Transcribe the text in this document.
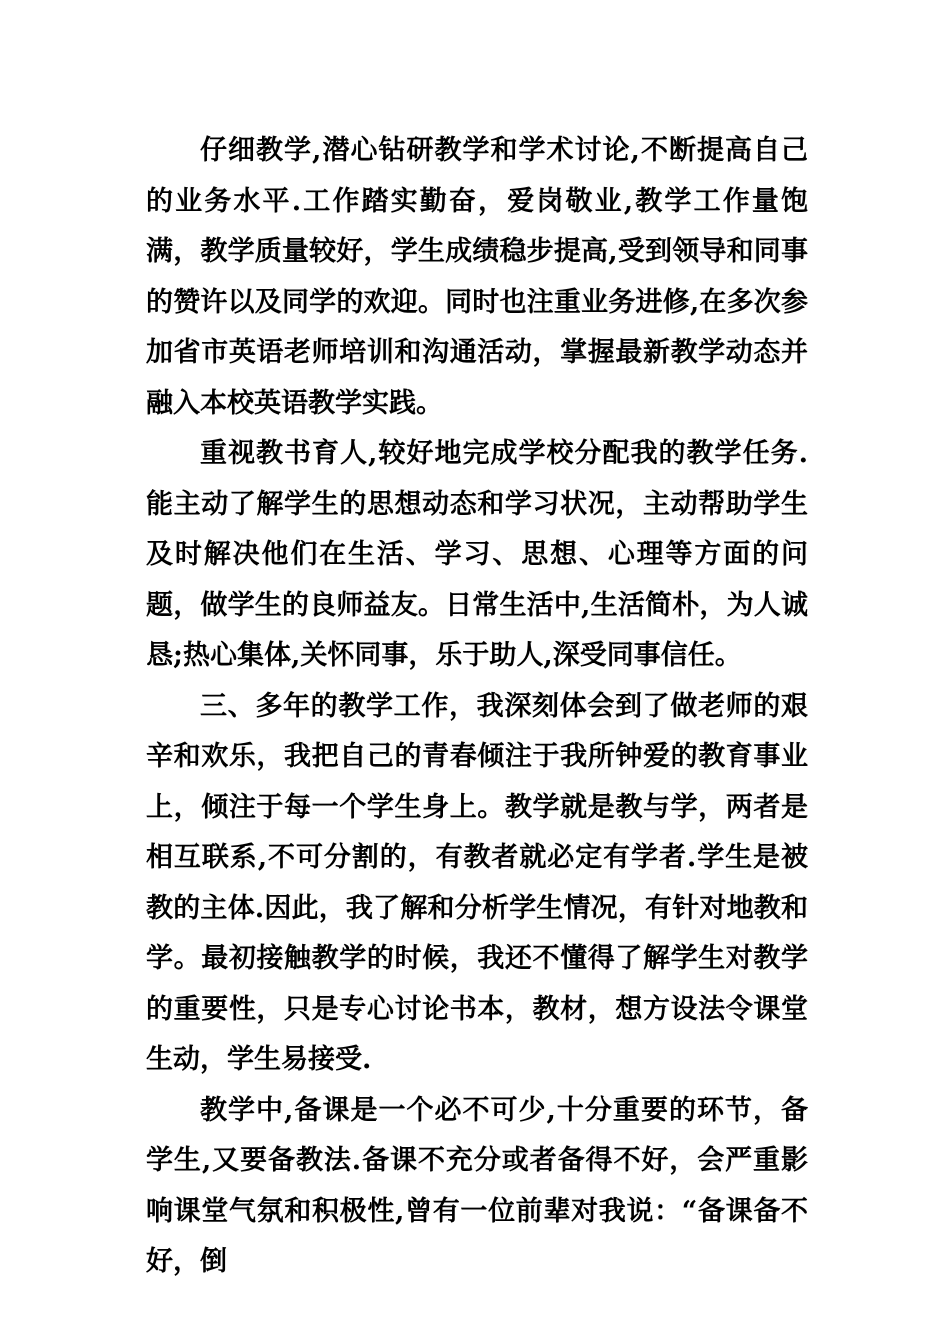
仔细教学,潜心钻研教学和学术讨论,不断提高自己的业务水平.工作踏实勤奋，爱岗敬业,教学工作量饱满，教学质量较好，学生成绩稳步提高,受到领导和同事的赞许以及同学的欢迎。同时也注重业务进修,在多次参加省市英语老师培训和沟通活动，掌握最新教学动态并融入本校英语教学实践。

重视教书育人,较好地完成学校分配我的教学任务.能主动了解学生的思想动态和学习状况，主动帮助学生及时解决他们在生活、学习、思想、心理等方面的问题，做学生的良师益友。日常生活中,生活简朴，为人诚恳;热心集体,关怀同事，乐于助人,深受同事信任。

三、多年的教学工作，我深刻体会到了做老师的艰辛和欢乐，我把自己的青春倾注于我所钟爱的教育事业上，倾注于每一个学生身上。教学就是教与学，两者是相互联系,不可分割的，有教者就必定有学者.学生是被教的主体.因此，我了解和分析学生情况，有针对地教和学。最初接触教学的时候，我还不懂得了解学生对教学的重要性，只是专心讨论书本，教材，想方设法令课堂生动，学生易接受.

教学中,备课是一个必不可少,十分重要的环节，备学生,又要备教法.备课不充分或者备得不好，会严重影响课堂气氛和积极性,曾有一位前辈对我说：“备课备不好，倒
